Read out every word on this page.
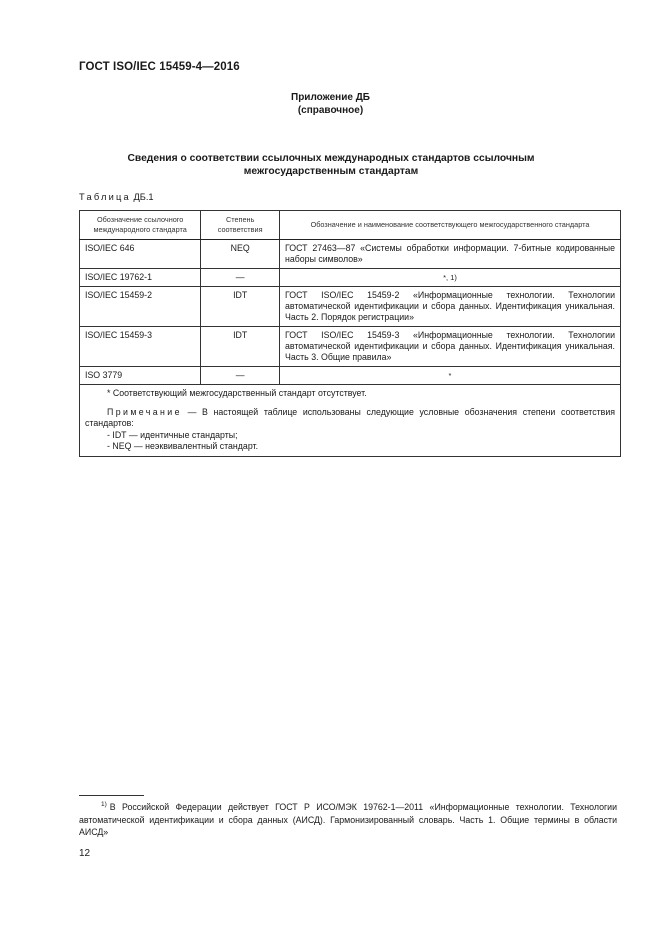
ГОСТ ISO/IEC 15459-4—2016
Приложение ДБ
(справочное)
Сведения о соответствии ссылочных международных стандартов ссылочным
межгосударственным стандартам
Таблица ДБ.1
Обозначение ссылочного международного стандарта	Степень соответствия	Обозначение и наименование соответствующего межгосударственного стандарта
ISO/IEC 646	NEQ	ГОСТ 27463—87 «Системы обработки информации. 7-битные кодированные наборы символов»
ISO/IEC 19762-1	—	*, 1)
ISO/IEC 15459-2	IDT	ГОСТ ISO/IEC 15459-2 «Информационные технологии. Технологии автоматической идентификации и сбора данных. Идентификация уникальная. Часть 2. Порядок регистрации»
ISO/IEC 15459-3	IDT	ГОСТ ISO/IEC 15459-3 «Информационные технологии. Технологии автоматической идентификации и сбора данных. Идентификация уникальная. Часть 3. Общие правила»
ISO 3779	—	*

* Соответствующий межгосударственный стандарт отсутствует.
Примечание — В настоящей таблице использованы следующие условные обозначения степени соответствия стандартов:
- IDT — идентичные стандарты;
- NEQ — неэквивалентный стандарт.		
$^{1)}$ В Российской Федерации действует ГОСТ Р ИСО/МЭК 19762-1—2011 «Информационные технологии. Технологии автоматической идентификации и сбора данных (АИСД). Гармонизированный словарь. Часть 1. Общие термины в области АИСД»
12
